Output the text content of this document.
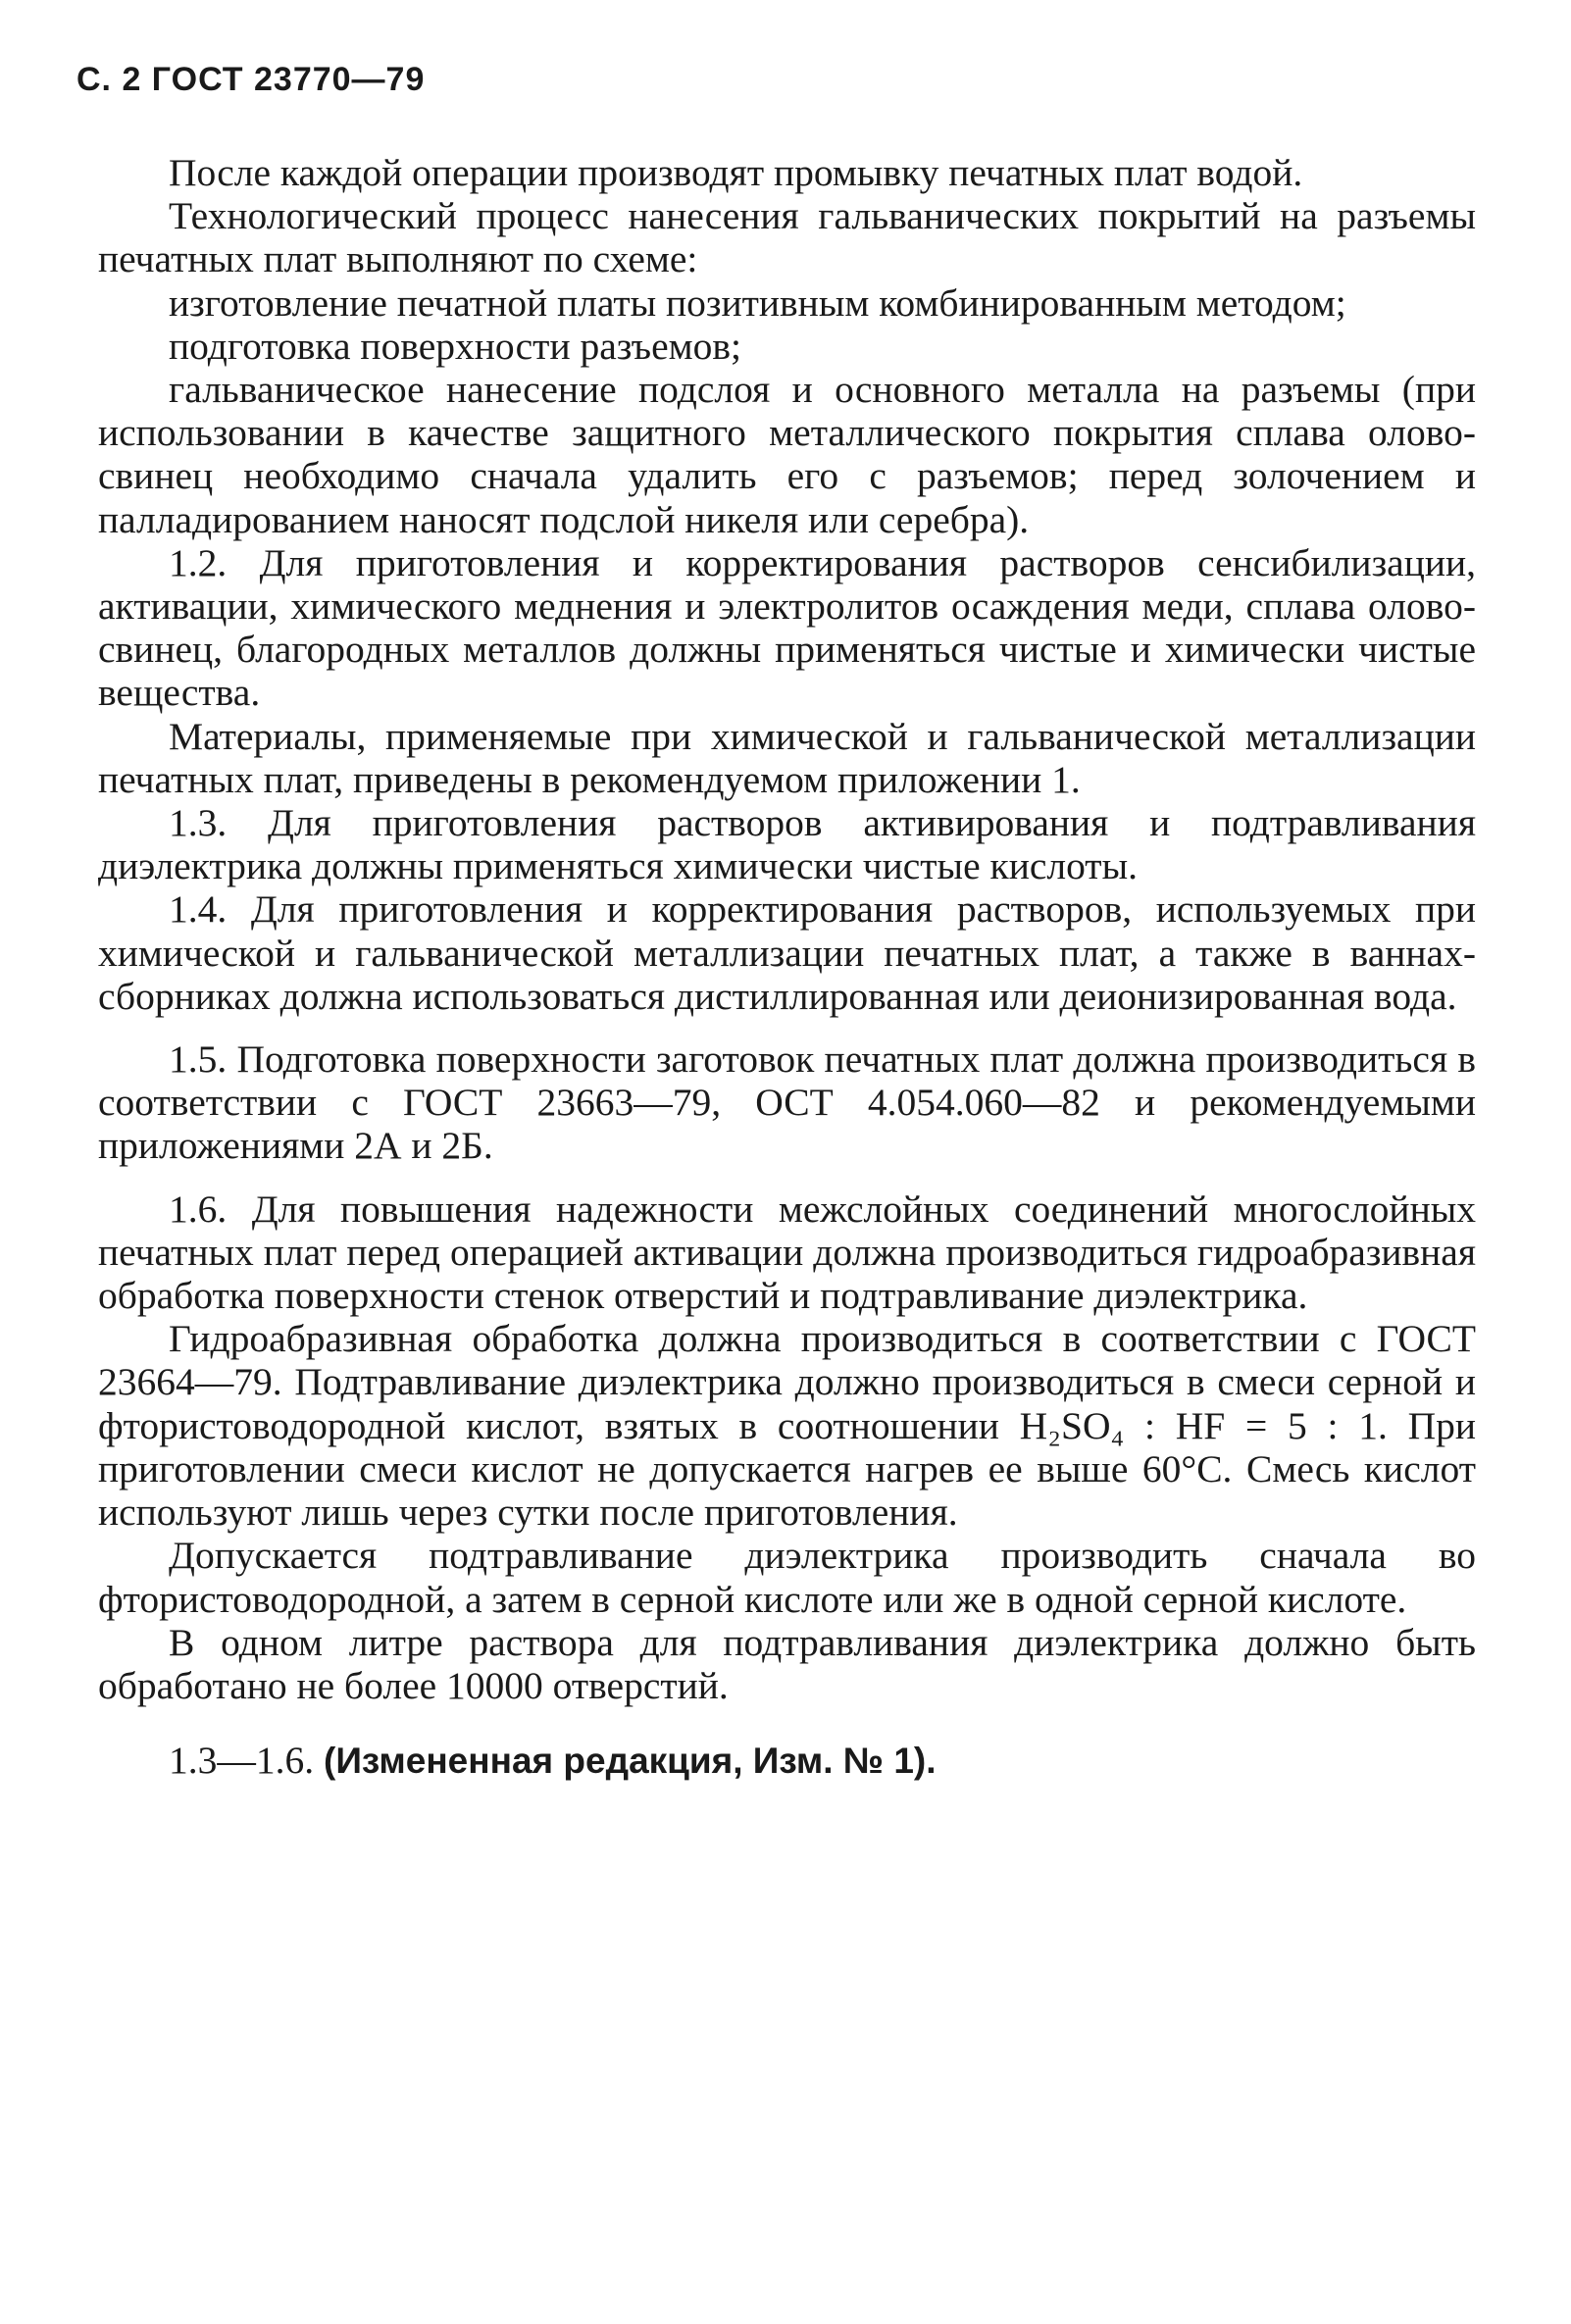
С. 2 ГОСТ 23770—79

После каждой операции производят промывку печатных плат водой.

Технологический процесс нанесения гальванических покрытий на разъемы печатных плат выполняют по схеме:

изготовление печатной платы позитивным комбинированным методом;

подготовка поверхности разъемов;

гальваническое нанесение подслоя и основного металла на разъемы (при использовании в качестве защитного металлического покрытия сплава олово-свинец необходимо сначала удалить его с разъемов; перед золочением и палладированием наносят подслой никеля или серебра).

1.2. Для приготовления и корректирования растворов сенсибилизации, активации, химического меднения и электролитов осаждения меди, сплава олово-свинец, благородных металлов должны применяться чистые и химически чистые вещества.

Материалы, применяемые при химической и гальванической металлизации печатных плат, приведены в рекомендуемом приложении 1.

1.3. Для приготовления растворов активирования и подтравливания диэлектрика должны применяться химически чистые кислоты.

1.4. Для приготовления и корректирования растворов, используемых при химической и гальванической металлизации печатных плат, а также в ваннах-сборниках должна использоваться дистиллированная или деионизированная вода.

1.5. Подготовка поверхности заготовок печатных плат должна производиться в соответствии с ГОСТ 23663—79, ОСТ 4.054.060—82 и рекомендуемыми приложениями 2А и 2Б.

1.6. Для повышения надежности межслойных соединений многослойных печатных плат перед операцией активации должна производиться гидроабразивная обработка поверхности стенок отверстий и подтравливание диэлектрика.

Гидроабразивная обработка должна производиться в соответствии с ГОСТ 23664—79. Подтравливание диэлектрика должно производиться в смеси серной и фтористоводородной кислот, взятых в соотношении H₂SO₄ : HF = 5 : 1. При приготовлении смеси кислот не допускается нагрев ее выше 60°С. Смесь кислот используют лишь через сутки после приготовления.

Допускается подтравливание диэлектрика производить сначала во фтористоводородной, а затем в серной кислоте или же в одной серной кислоте.

В одном литре раствора для подтравливания диэлектрика должно быть обработано не более 10000 отверстий.

1.3—1.6. (Измененная редакция, Изм. № 1).
